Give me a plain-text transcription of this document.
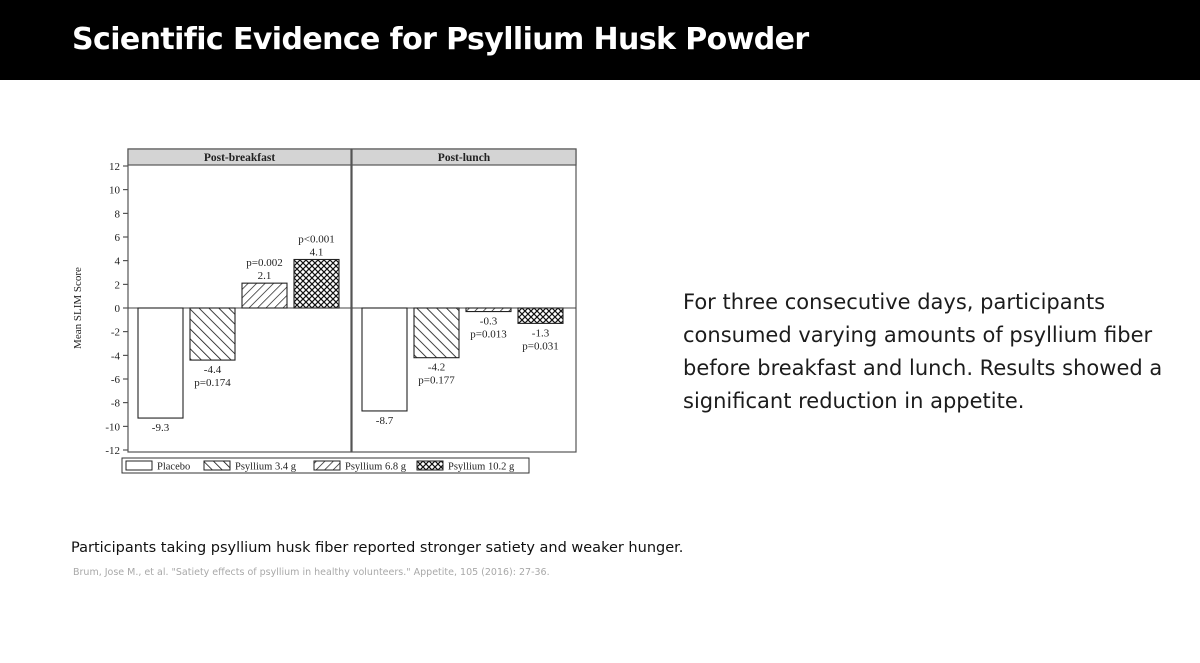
Scientific Evidence for Psyllium Husk Powder
12
10
8
6
4
2
0
-2
-4
-6
-8
-10
-12
Mean SLIM Score
Post-breakfast
-9.3
-4.4
p=0.174
2.1
p=0.002
4.1
p<0.001
Post-lunch
-8.7
-4.2
p=0.177
-0.3
p=0.013 -1.3
p=0.031
Placebo	Psyllium 3.4 g	Psyllium 6.8 g	Psyllium 10.2 g
For three consecutive days, participants consumed varying amounts of psyllium fiber before breakfast and lunch. Results showed a significant reduction in appetite.
Participants taking psyllium husk fiber reported stronger satiety and weaker hunger.
Brum, Jose M., et al. "Satiety effects of psyllium in healthy volunteers." Appetite, 105 (2016): 27-36.
